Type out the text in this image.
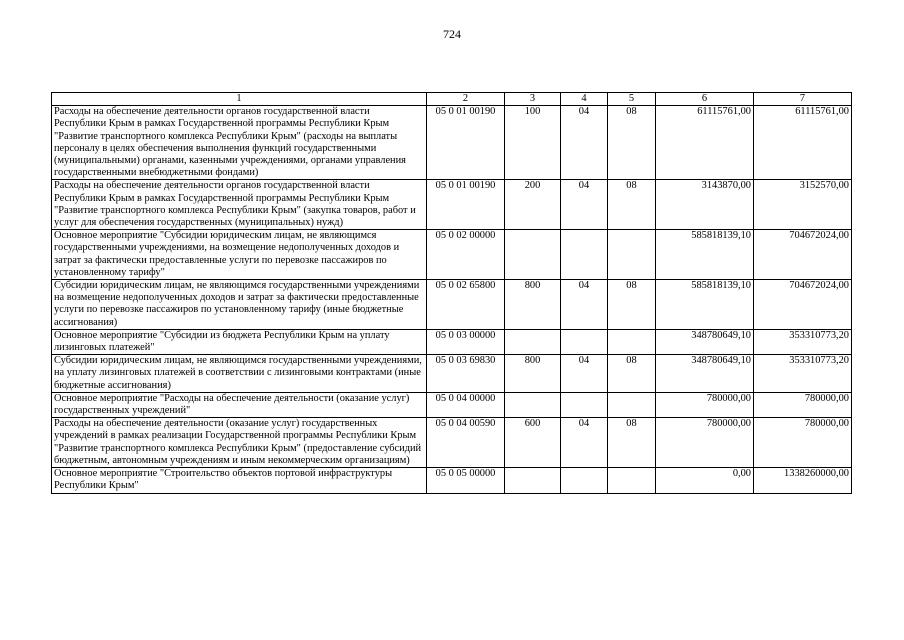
724
1	2	3	4	5	6	7
Расходы на обеспечение деятельности органов государственной власти Республики Крым в рамках Государственной программы Республики Крым "Развитие транспортного комплекса Республики Крым" (расходы на выплаты персоналу в целях обеспечения выполнения функций государственными (муниципальными) органами, казенными учреждениями, органами управления государственными внебюджетными фондами)	05 0 01 00190	100	04	08	61115761,00	61115761,00
Расходы на обеспечение деятельности органов государственной власти Республики Крым в рамках Государственной программы Республики Крым "Развитие транспортного комплекса Республики Крым" (закупка товаров, работ и услуг для обеспечения государственных (муниципальных) нужд)	05 0 01 00190	200	04	08	3143870,00	3152570,00
Основное мероприятие "Субсидии юридическим лицам, не являющимся государственными учреждениями, на возмещение недополученных доходов и затрат за фактически предоставленные услуги по перевозке пассажиров по установленному тарифу"	05 0 02 00000				585818139,10	704672024,00
Субсидии юридическим лицам, не являющимся государственными учреждениями на возмещение недополученных доходов и затрат за фактически предоставленные услуги по перевозке пассажиров по установленному тарифу (иные бюджетные ассигнования)	05 0 02 65800	800	04	08	585818139,10	704672024,00
Основное мероприятие "Субсидии из бюджета Республики Крым на уплату лизинговых платежей"	05 0 03 00000				348780649,10	353310773,20
Субсидии юридическим лицам, не являющимся государственными учреждениями, на уплату лизинговых платежей в соответствии с лизинговыми контрактами (иные бюджетные ассигнования)	05 0 03 69830	800	04	08	348780649,10	353310773,20
Основное мероприятие "Расходы на обеспечение деятельности (оказание услуг) государственных учреждений"	05 0 04 00000				780000,00	780000,00
Расходы на обеспечение деятельности (оказание услуг) государственных учреждений в рамках реализации Государственной программы Республики Крым "Развитие транспортного комплекса Республики Крым" (предоставление субсидий бюджетным, автономным учреждениям и иным некоммерческим организациям)	05 0 04 00590	600	04	08	780000,00	780000,00
Основное мероприятие "Строительство объектов портовой инфраструктуры Республики Крым"	05 0 05 00000				0,00	1338260000,00
